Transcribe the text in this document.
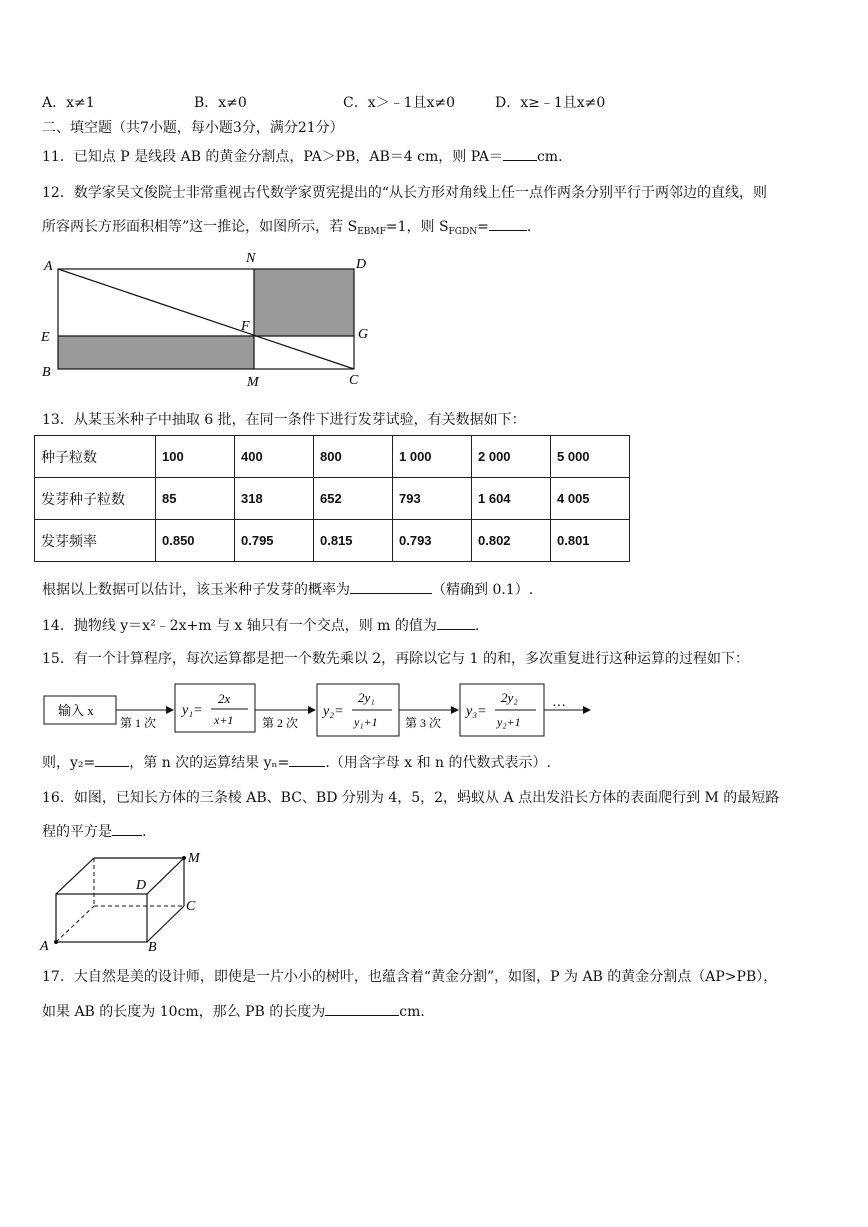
A．x≠1	B．x≠0	C．x＞﹣1且x≠0	D．x≥﹣1且x≠0
二、填空题（共7小题，每小题3分，满分21分）
11．已知点 P 是线段 AB 的黄金分割点，PA＞PB，AB＝4 cm，则 PA＝ cm.
12．数学家吴文俊院士非常重视古代数学家贾宪提出的“从长方形对角线上任一点作两条分别平行于两邻边的直线，则
所容两长方形面积相等”这一推论，如图所示，若 $S_{EBMF}=1$，则 $S_{FGDN}=$	.
A
N	D
E
F
G
B
M	C
13．从某玉米种子中抽取 6 批，在同一条件下进行发芽试验，有关数据如下：
种子粒数	100	400	800	1 000	2 000	5 000
发芽种子粒数	85	318	652	793	1 604	4 005
发芽频率	0.850	0.795	0.815	0.793	0.802	0.801
根据以上数据可以估计，该玉米种子发芽的概率为	（精确到 0.1）.
14．抛物线 y＝x²﹣2x+m 与 x 轴只有一个交点，则 m 的值为	.
15．有一个计算程序，每次运算都是把一个数先乘以 2，再除以它与 1 的和，多次重复进行这种运算的过程如下：
输入 x
第 1 次
y₁=
2x
x+1 第 2 次
y₂=
2y₁
y₁+1 第 3 次
y₃=
2y₂
y₂+1
…
则，y₂= ，第 n 次的运算结果 yₙ=	.（用含字母 x 和 n 的代数式表示）.
16．如图，已知长方体的三条棱 AB、BC、BD 分别为 4，5，2，蚂蚁从 A 点出发沿长方体的表面爬行到 M 的最短路
程的平方是 .
M
D
C
A	B
17．大自然是美的设计师，即使是一片小小的树叶，也蕴含着“黄金分割”，如图，P 为 AB 的黄金分割点（AP>PB），
如果 AB 的长度为 10cm，那么 PB 的长度为	cm.
